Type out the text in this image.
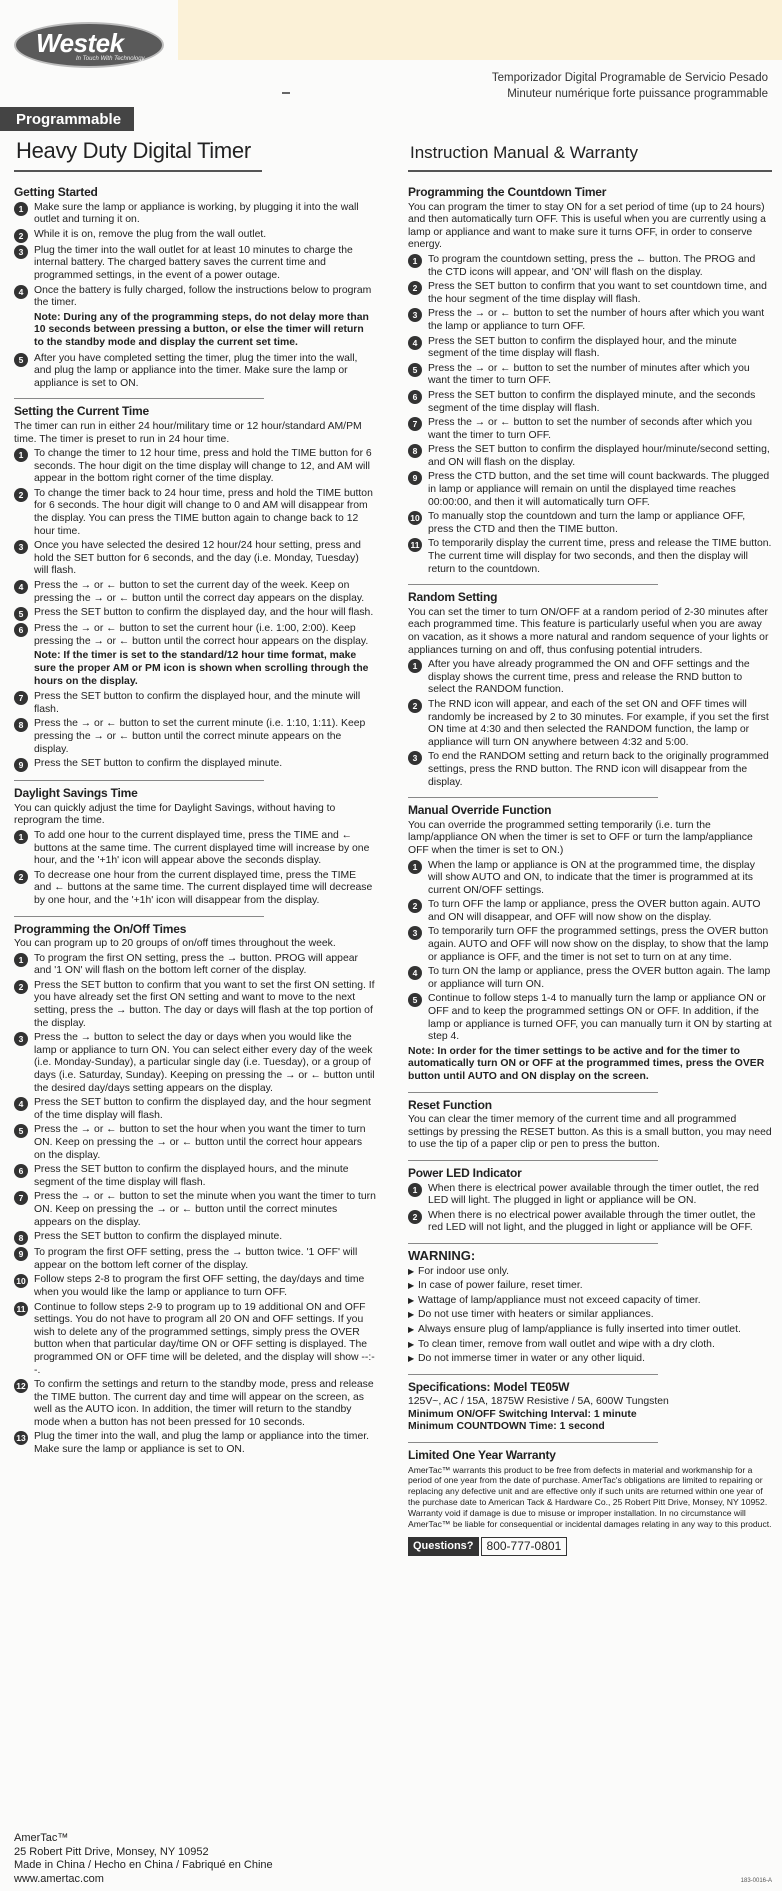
Westek
In Touch With Technology
Temporizador Digital Programable de Servicio Pesado
Minuteur numérique forte puissance programmable
Programmable
Heavy Duty Digital Timer	Instruction Manual & Warranty
Getting Started
1	Make sure the lamp or appliance is working, by plugging it into the wall outlet and turning it on.
2	While it is on, remove the plug from the wall outlet.
3	Plug the timer into the wall outlet for at least 10 minutes to charge the internal battery. The charged battery saves the current time and programmed settings, in the event of a power outage.
4	Once the battery is fully charged, follow the instructions below to program the timer.
Note: During any of the programming steps, do not delay more than 10 seconds between pressing a button, or else the timer will return to the standby mode and display the current set time.
5	After you have completed setting the timer, plug the timer into the wall, and plug the lamp or appliance into the timer. Make sure the lamp or appliance is set to ON.
Setting the Current Time
The timer can run in either 24 hour/military time or 12 hour/standard AM/PM time. The timer is preset to run in 24 hour time.
1	To change the timer to 12 hour time, press and hold the TIME button for 6 seconds. The hour digit on the time display will change to 12, and AM will appear in the bottom right corner of the time display.
2	To change the timer back to 24 hour time, press and hold the TIME button for 6 seconds. The hour digit will change to 0 and AM will disappear from the display. You can press the TIME button again to change back to 12 hour time.
3	Once you have selected the desired 12 hour/24 hour setting, press and hold the SET button for 6 seconds, and the day (i.e. Monday, Tuesday) will flash.
4	Press the → or ← button to set the current day of the week. Keep on pressing the → or ← button until the correct day appears on the display.
5	Press the SET button to confirm the displayed day, and the hour will flash.
6	Press the → or ← button to set the current hour (i.e. 1:00, 2:00). Keep pressing the → or ← button until the correct hour appears on the display.
Note: If the timer is set to the standard/12 hour time format, make sure the proper AM or PM icon is shown when scrolling through the hours on the display.
7	Press the SET button to confirm the displayed hour, and the minute will flash.
8	Press the → or ← button to set the current minute (i.e. 1:10, 1:11). Keep pressing the → or ← button until the correct minute appears on the display.
9	Press the SET button to confirm the displayed minute.
Daylight Savings Time
You can quickly adjust the time for Daylight Savings, without having to reprogram the time.
1	To add one hour to the current displayed time, press the TIME and ← buttons at the same time. The current displayed time will increase by one hour, and the '+1h' icon will appear above the seconds display.
2	To decrease one hour from the current displayed time, press the TIME and ← buttons at the same time. The current displayed time will decrease by one hour, and the '+1h' icon will disappear from the display.
Programming the On/Off Times
You can program up to 20 groups of on/off times throughout the week.
1	To program the first ON setting, press the → button. PROG will appear and '1 ON' will flash on the bottom left corner of the display.
2	Press the SET button to confirm that you want to set the first ON setting. If you have already set the first ON setting and want to move to the next setting, press the → button. The day or days will flash at the top portion of the display.
3	Press the → button to select the day or days when you would like the lamp or appliance to turn ON. You can select either every day of the week (i.e. Monday-Sunday), a particular single day (i.e. Tuesday), or a group of days (i.e. Saturday, Sunday). Keeping on pressing the → or ← button until the desired day/days setting appears on the display.
4	Press the SET button to confirm the displayed day, and the hour segment of the time display will flash.
5	Press the → or ← button to set the hour when you want the timer to turn ON. Keep on pressing the → or ← button until the correct hour appears on the display.
6	Press the SET button to confirm the displayed hours, and the minute segment of the time display will flash.
7	Press the → or ← button to set the minute when you want the timer to turn ON. Keep on pressing the → or ← button until the correct minutes appears on the display.
8	Press the SET button to confirm the displayed minute.
9	To program the first OFF setting, press the → button twice. '1 OFF' will appear on the bottom left corner of the display.
10 Follow steps 2-8 to program the first OFF setting, the day/days and time when you would like the lamp or appliance to turn OFF.
11 Continue to follow steps 2-9 to program up to 19 additional ON and OFF settings. You do not have to program all 20 ON and OFF settings. If you wish to delete any of the programmed settings, simply press the OVER button when that particular day/time ON or OFF setting is displayed. The programmed ON or OFF time will be deleted, and the display will show --:--.
12 To confirm the settings and return to the standby mode, press and release the TIME button. The current day and time will appear on the screen, as well as the AUTO icon. In addition, the timer will return to the standby mode when a button has not been pressed for 10 seconds.
13 Plug the timer into the wall, and plug the lamp or appliance into the timer. Make sure the lamp or appliance is set to ON.
AmerTac™
25 Robert Pitt Drive, Monsey, NY 10952
Made in China / Hecho en China / Fabriqué en Chine
www.amertac.com
Programming the Countdown Timer
You can program the timer to stay ON for a set period of time (up to 24 hours) and then automatically turn OFF. This is useful when you are currently using a lamp or appliance and want to make sure it turns OFF, in order to conserve energy.
1	To program the countdown setting, press the ← button. The PROG and the CTD icons will appear, and 'ON' will flash on the display.
2	Press the SET button to confirm that you want to set countdown time, and the hour segment of the time display will flash.
3	Press the → or ← button to set the number of hours after which you want the lamp or appliance to turn OFF.
4	Press the SET button to confirm the displayed hour, and the minute segment of the time display will flash.
5	Press the → or ← button to set the number of minutes after which you want the timer to turn OFF.
6	Press the SET button to confirm the displayed minute, and the seconds segment of the time display will flash.
7	Press the → or ← button to set the number of seconds after which you want the timer to turn OFF.
8	Press the SET button to confirm the displayed hour/minute/second setting, and ON will flash on the display.
9	Press the CTD button, and the set time will count backwards. The plugged in lamp or appliance will remain on until the displayed time reaches 00:00:00, and then it will automatically turn OFF.
10 To manually stop the countdown and turn the lamp or appliance OFF, press the CTD and then the TIME button.
11 To temporarily display the current time, press and release the TIME button. The current time will display for two seconds, and then the display will return to the countdown.
Random Setting
You can set the timer to turn ON/OFF at a random period of 2-30 minutes after each programmed time. This feature is particularly useful when you are away on vacation, as it shows a more natural and random sequence of your lights or appliances turning on and off, thus confusing potential intruders.
1	After you have already programmed the ON and OFF settings and the display shows the current time, press and release the RND button to select the RANDOM function.
2	The RND icon will appear, and each of the set ON and OFF times will randomly be increased by 2 to 30 minutes. For example, if you set the first ON time at 4:30 and then selected the RANDOM function, the lamp or appliance will turn ON anywhere between 4:32 and 5:00.
3	To end the RANDOM setting and return back to the originally programmed settings, press the RND button. The RND icon will disappear from the display.
Manual Override Function
You can override the programmed setting temporarily (i.e. turn the lamp/appliance ON when the timer is set to OFF or turn the lamp/appliance OFF when the timer is set to ON.)
1	When the lamp or appliance is ON at the programmed time, the display will show AUTO and ON, to indicate that the timer is programmed at its current ON/OFF settings.
2	To turn OFF the lamp or appliance, press the OVER button again. AUTO and ON will disappear, and OFF will now show on the display.
3	To temporarily turn OFF the programmed settings, press the OVER button again. AUTO and OFF will now show on the display, to show that the lamp or appliance is OFF, and the timer is not set to turn on at any time.
4	To turn ON the lamp or appliance, press the OVER button again. The lamp or appliance will turn ON.
5	Continue to follow steps 1-4 to manually turn the lamp or appliance ON or OFF and to keep the programmed settings ON or OFF. In addition, if the lamp or appliance is turned OFF, you can manually turn it ON by starting at step 4.
Note: In order for the timer settings to be active and for the timer to automatically turn ON or OFF at the programmed times, press the OVER button until AUTO and ON display on the screen.
Reset Function
You can clear the timer memory of the current time and all programmed settings by pressing the RESET button. As this is a small button, you may need to use the tip of a paper clip or pen to press the button.
Power LED Indicator
1	When there is electrical power available through the timer outlet, the red LED will light. The plugged in light or appliance will be ON.
2	When there is no electrical power available through the timer outlet, the red LED will not light, and the plugged in light or appliance will be OFF.
WARNING:
▶ For indoor use only.
▶ In case of power failure, reset timer.
▶ Wattage of lamp/appliance must not exceed capacity of timer.
▶ Do not use timer with heaters or similar appliances.
▶ Always ensure plug of lamp/appliance is fully inserted into timer outlet.
▶ To clean timer, remove from wall outlet and wipe with a dry cloth.
▶ Do not immerse timer in water or any other liquid.
Specifications: Model TE05W
125V~, AC / 15A, 1875W Resistive / 5A, 600W Tungsten
Minimum ON/OFF Switching Interval: 1 minute
Minimum COUNTDOWN Time: 1 second
Limited One Year Warranty
AmerTac™ warrants this product to be free from defects in material and workmanship for a period of one year from the date of purchase. AmerTac's obligations are limited to repairing or replacing any defective unit and are effective only if such units are returned within one year of the purchase date to American Tack & Hardware Co., 25 Robert Pitt Drive, Monsey, NY 10952. Warranty void if damage is due to misuse or improper installation. In no circumstance will AmerTac™ be liable for consequential or incidental damages relating in any way to this product.
Questions?	800-777-0801
183-0016-A
